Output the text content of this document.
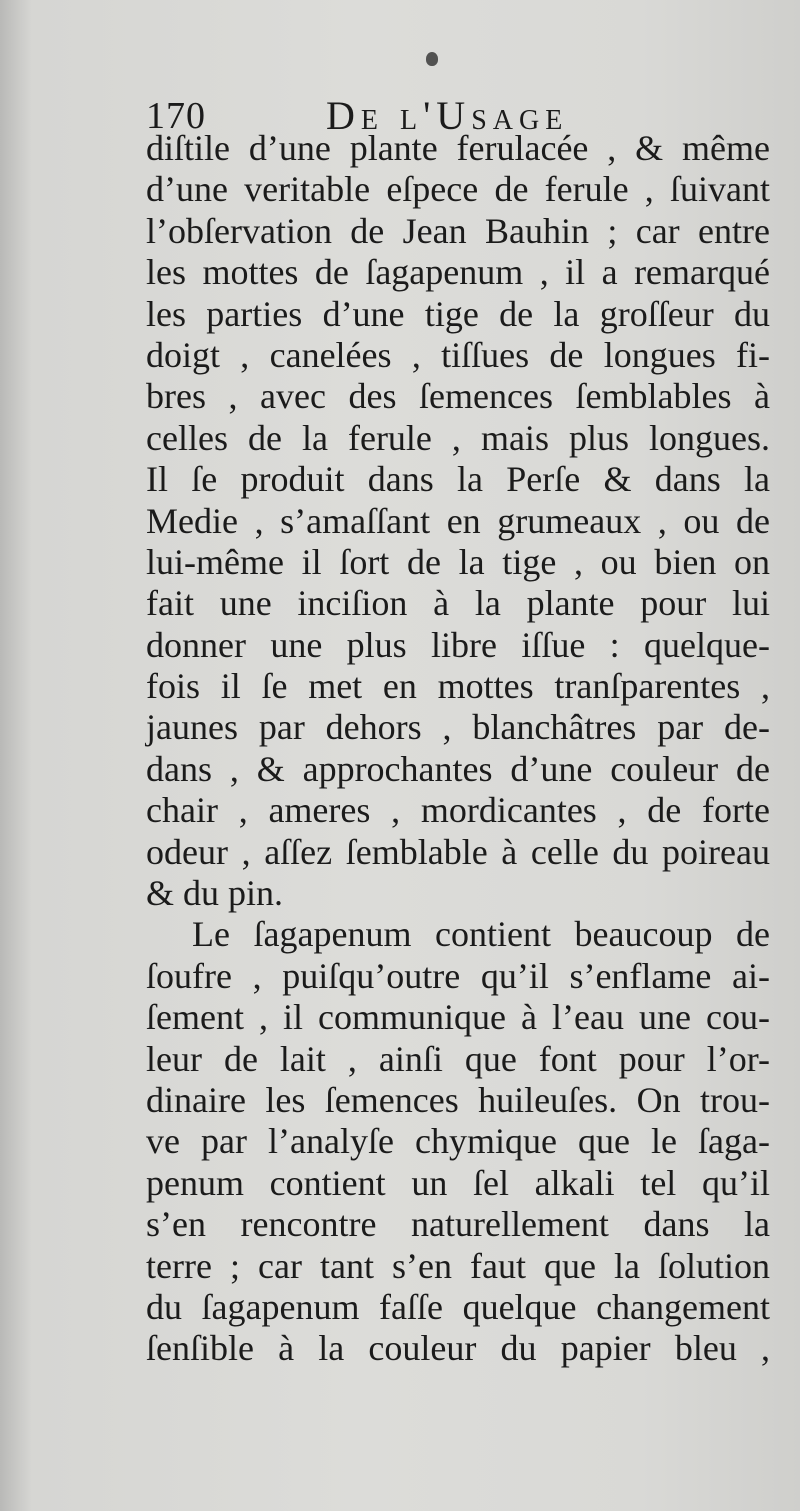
170	De l'Usage
diſtile d’une plante ferulacée , & même
d’une veritable eſpece de ferule , ſuivant
l’obſervation de Jean Bauhin ; car entre
les mottes de ſagapenum , il a remarqué
les parties d’une tige de la groſſeur du
doigt , canelées , tiſſues de longues fi-
bres , avec des ſemences ſemblables à
celles de la ferule , mais plus longues.
Il ſe produit dans la Perſe & dans la
Medie , s’amaſſant en grumeaux , ou de
lui-même il ſort de la tige , ou bien on
fait une inciſion à la plante pour lui
donner une plus libre iſſue : quelque-
fois il ſe met en mottes tranſparentes ,
jaunes par dehors , blanchâtres par de-
dans , & approchantes d’une couleur de
chair , ameres , mordicantes , de forte
odeur , aſſez ſemblable à celle du poireau
& du pin.
Le ſagapenum contient beaucoup de
ſoufre , puiſqu’outre qu’il s’enflame ai-
ſement , il communique à l’eau une cou-
leur de lait , ainſi que font pour l’or-
dinaire les ſemences huileuſes. On trou-
ve par l’analyſe chymique que le ſaga-
penum contient un ſel alkali tel qu’il
s’en rencontre naturellement dans la
terre ; car tant s’en faut que la ſolution
du ſagapenum faſſe quelque changement
ſenſible à la couleur du papier bleu ,
